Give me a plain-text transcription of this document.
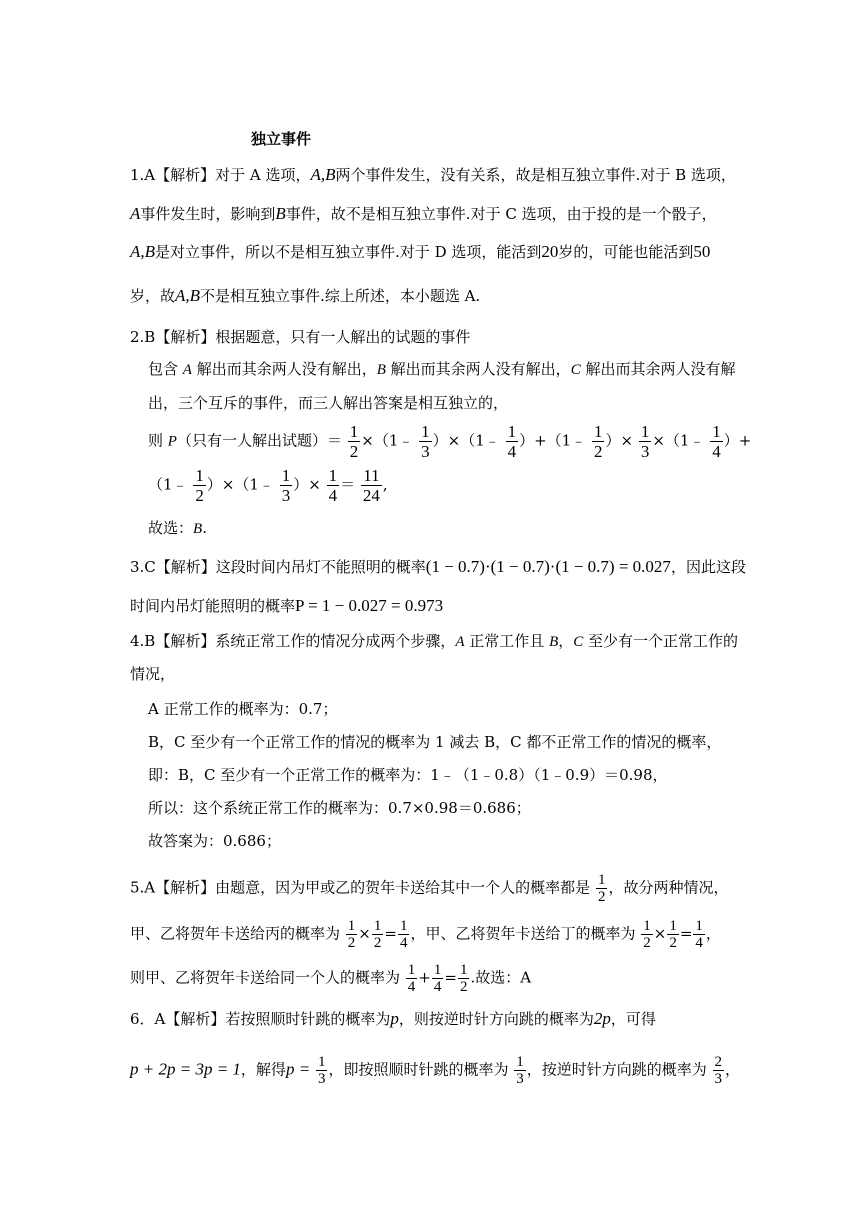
独立事件
1.A【解析】对于 A 选项，A,B两个事件发生，没有关系，故是相互独立事件.对于 B 选项，
A事件发生时，影响到B事件，故不是相互独立事件.对于 C 选项，由于投的是一个骰子，
A,B是对立事件，所以不是相互独立事件.对于 D 选项，能活到20岁的，可能也能活到50
岁，故A,B不是相互独立事件.综上所述，本小题选 A.
2.B【解析】根据题意，只有一人解出的试题的事件
包含 A 解出而其余两人没有解出，B 解出而其余两人没有解出，C 解出而其余两人没有解
出，三个互斥的事件，而三人解出答案是相互独立的，
则 P（只有一人解出试题）＝ $\frac{1}{2}$ ×（1﹣ $\frac{1}{3}$ ）×（1﹣ $\frac{1}{4}$ ）+（1﹣ $\frac{1}{2}$ ）× $\frac{1}{3}$ ×（1﹣ $\frac{1}{4}$ ）+
（1﹣ $\frac{1}{2}$ ）×（1﹣ $\frac{1}{3}$ ）× $\frac{1}{4} = \frac{11}{24}$ ,
故选：B.
3.C【解析】这段时间内吊灯不能照明的概率(1 − 0.7)·(1 − 0.7)·(1 − 0.7) = 0.027，因此这段
时间内吊灯能照明的概率P = 1 − 0.027 = 0.973
4.B【解析】系统正常工作的情况分成两个步骤，A 正常工作且 B，C 至少有一个正常工作的
情况，
A 正常工作的概率为：0.7；
B，C 至少有一个正常工作的情况的概率为 1 减去 B，C 都不正常工作的情况的概率，
即：B，C 至少有一个正常工作的概率为：1﹣（1﹣0.8）（1﹣0.9）＝0.98，
所以：这个系统正常工作的概率为：0.7×0.98＝0.686；
故答案为：0.686；
5.A【解析】由题意，因为甲或乙的贺年卡送给其中一个人的概率都是 $\frac{1}{2}$ ，故分两种情况，
甲、乙将贺年卡送给丙的概率为 $\frac{1}{2} \times \frac{1}{2} = \frac{1}{4}$ ，甲、乙将贺年卡送给丁的概率为 $\frac{1}{2} \times \frac{1}{2} = \frac{1}{4}$ ，
则甲、乙将贺年卡送给同一个人的概率为 $\frac{1}{4} + \frac{1}{4} = \frac{1}{2}$ .故选：A
6．A【解析】若按照顺时针跳的概率为p，则按逆时针方向跳的概率为2p，可得
p + 2p = 3p = 1，解得$p = \frac{1}{3}$ ，即按照顺时针跳的概率为 $\frac{1}{3}$ ，按逆时针方向跳的概率为 $\frac{2}{3}$ ，
